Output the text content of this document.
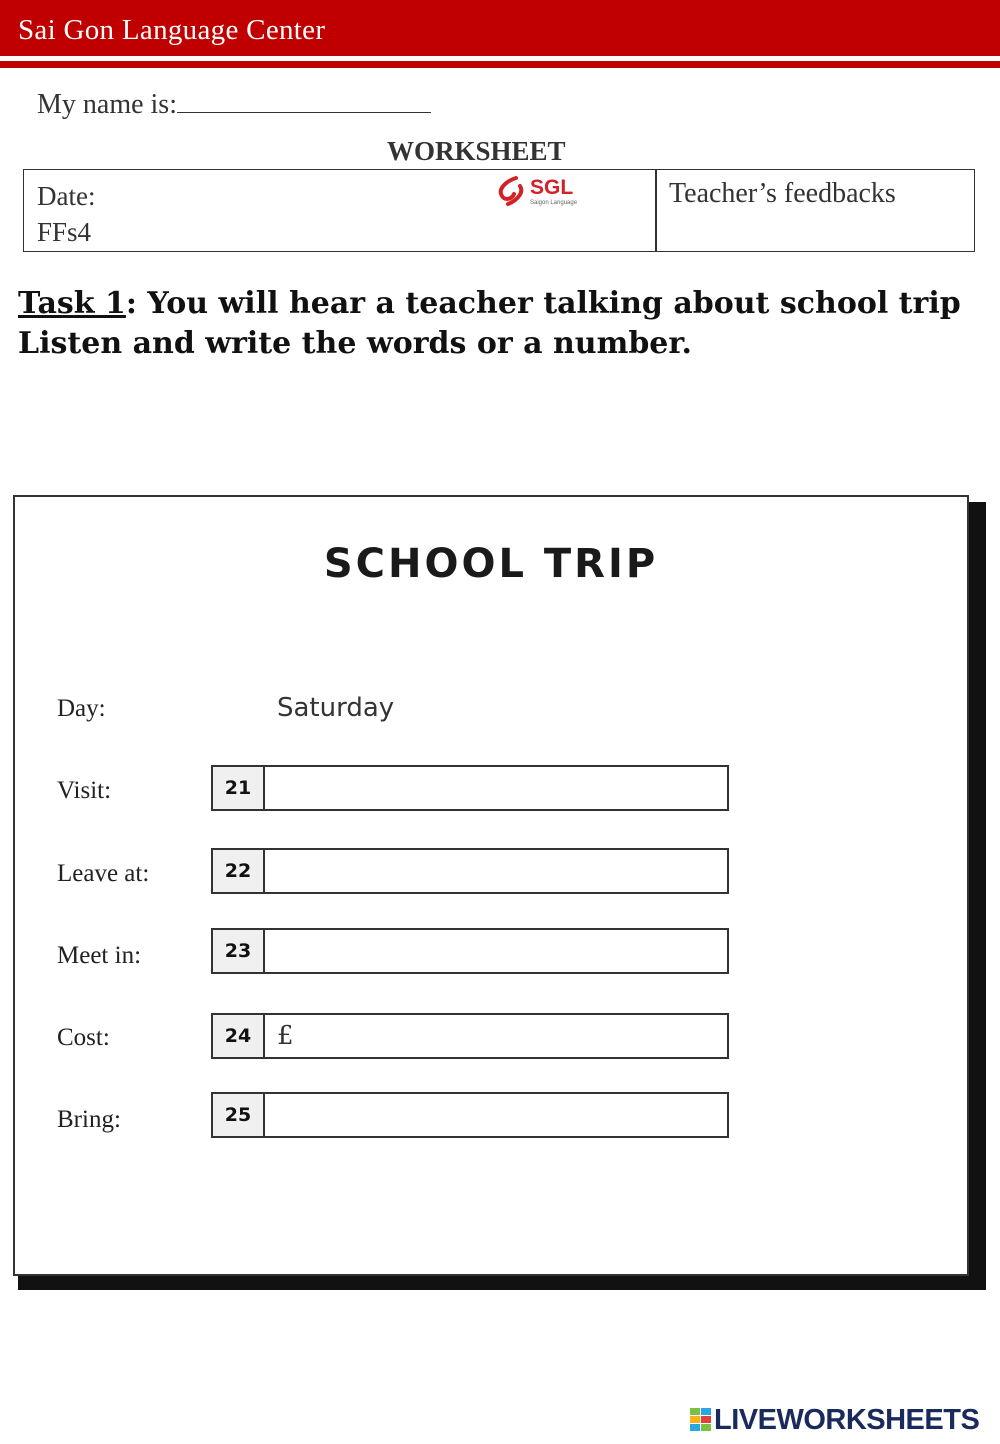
Sai Gon Language Center
My name is:
WORKSHEET
Date:
FFs4
SGL
Saigon Language	Teacher’s feedbacks
Task 1: You will hear a teacher talking about school trip
Listen and write the words or a number.
SCHOOL TRIP
Day:	Saturday
Visit:	21
Leave at:	22
Meet in:	23
Cost:	24 £
Bring:	25
LIVEWORKSHEETS
